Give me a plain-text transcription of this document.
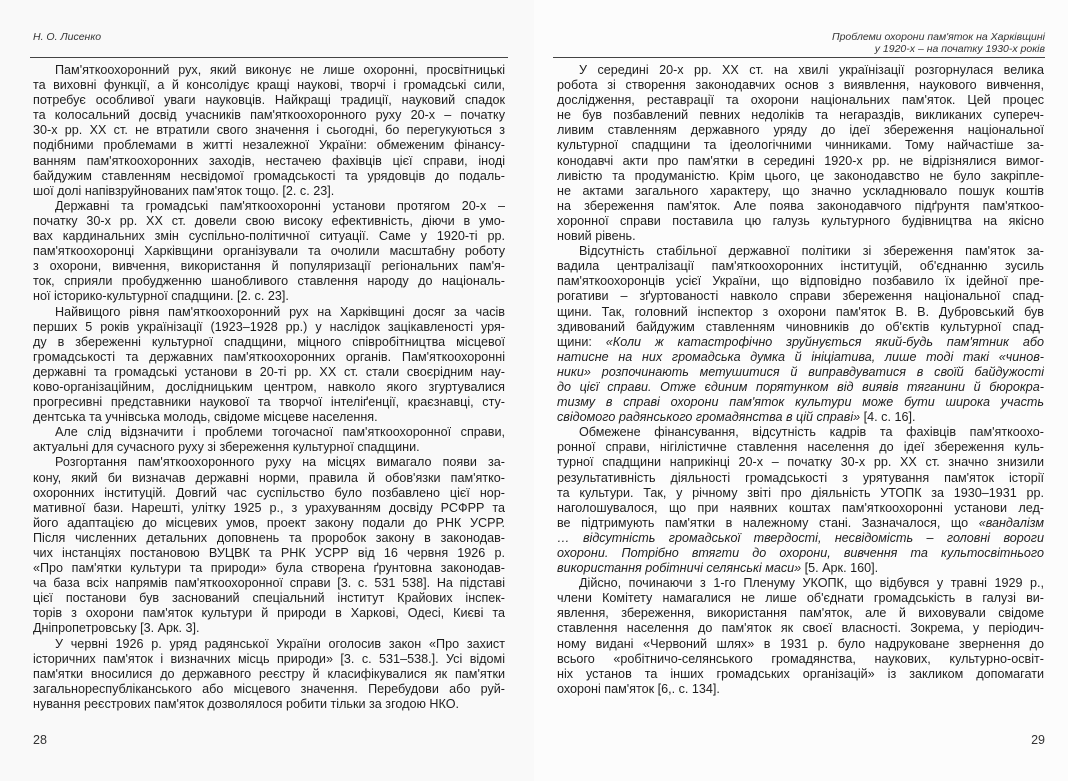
Н. О. Лисенко
Пам'яткоохоронний рух, який виконує не лише охоронні, просвітницькі
та виховні функції, а й консолідує кращі наукові, творчі і громадські сили,
потребує особливої уваги науковців. Найкращі традиції, науковий спадок
та колосальний досвід учасників пам'яткоохоронного руху 20-х – початку
30-х рр. ХХ ст. не втратили свого значення і сьогодні, бо перегукуються з
подібними проблемами в житті незалежної України: обмеженим фінансу-
ванням пам'яткоохоронних заходів, нестачею фахівців цієї справи, іноді
байдужим ставленням несвідомої громадськості та урядовців до подаль-
шої долі напівзруйнованих пам'яток тощо. [2. с. 23].
Державні та громадські пам'яткоохоронні установи протягом 20-х –
початку 30-х рр. ХХ ст. довели свою високу ефективність, діючи в умо-
вах кардинальних змін суспільно-політичної ситуації. Саме у 1920-ті рр.
пам'яткоохоронці Харківщини організували та очолили масштабну роботу
з охорони, вивчення, використання й популяризації регіональних пам'я-
ток, сприяли пробудженню шанобливого ставлення народу до національ-
ної історико-культурної спадщини. [2. с. 23].
Найвищого рівня пам'яткоохоронний рух на Харківщині досяг за часів
перших 5 років українізації (1923–1928 рр.) у наслідок зацікавленості уря-
ду в збереженні культурної спадщини, міцного співробітництва місцевої
громадськості та державних пам'яткоохоронних органів. Пам'яткоохоронні
державні та громадські установи в 20-ті рр. ХХ ст. стали своєрідним нау-
ково-організаційним, дослідницьким центром, навколо якого згуртувалися
прогресивні представники наукової та творчої інтеліґенції, краєзнавці, сту-
дентська та учнівська молодь, свідоме місцеве населення.
Але слід відзначити і проблеми тогочасної пам'яткоохоронної справи,
актуальні для сучасного руху зі збереження культурної спадщини.
Розгортання пам'яткоохоронного руху на місцях вимагало появи за-
кону, який би визначав державні норми, правила й обов'язки пам'ятко-
охоронних інституцій. Довгий час суспільство було позбавлено цієї нор-
мативної бази. Нарешті, улітку 1925 р., з урахуванням досвіду РСФРР та
його адаптацією до місцевих умов, проект закону подали до РНК УСРР.
Після численних детальних доповнень та проробок закону в законодав-
чих інстанціях постановою ВУЦВК та РНК УСРР від 16 червня 1926 р.
«Про пам'ятки культури та природи» була створена ґрунтовна законодав-
ча база всіх напрямів пам'яткоохоронної справи [3. с. 531 538]. На підставі
цієї постанови був заснований спеціальний інститут Крайових інспек-
торів з охорони пам'яток культури й природи в Харкові, Одесі, Києві та
Дніпропетровську [3. Арк. 3].
У червні 1926 р. уряд радянської України оголосив закон «Про захист
історичних пам'яток і визначних місць природи» [3. с. 531–538.]. Усі відомі
пам'ятки вносилися до державного реєстру й класифікувалися як пам'ятки
загальнореспубліканського або місцевого значення. Перебудови або руй-
нування реєстрових пам'яток дозволялося робити тільки за згодою НКО.
28
Проблеми охорони пам'яток на Харківщині
у 1920-х – на початку 1930-х років
У середині 20-х рр. ХХ ст. на хвилі українізації розгорнулася велика
робота зі створення законодавчих основ з виявлення, наукового вивчення,
дослідження, реставрації та охорони національних пам'яток. Цей процес
не був позбавлений певних недоліків та негараздів, викликаних супереч-
ливим ставленням державного уряду до ідеї збереження національної
культурної спадщини та ідеологічними чинниками. Тому найчастіше за-
конодавчі акти про пам'ятки в середині 1920-х рр. не відрізнялися вимог-
ливістю та продуманістю. Крім цього, це законодавство не було закріпле-
не актами загального характеру, що значно ускладнювало пошук коштів
на збереження пам'яток. Але поява законодавчого підґрунтя пам'яткоо-
хоронної справи поставила цю галузь культурного будівництва на якісно
новий рівень.
Відсутність стабільної державної політики зі збереження пам'яток за-
вадила централізації пам'яткоохоронних інституцій, об'єднанню зусиль
пам'яткоохоронців усієї України, що відповідно позбавило їх ідейної пре-
рогативи – зґуртованості навколо справи збереження національної спад-
щини. Так, головний інспектор з охорони пам'яток В. В. Дубровський був
здивований байдужим ставленням чиновників до об'єктів культурної спад-
щини: «Коли ж катастрофічно зруйнується який-будь пам'ятник або
натисне на них громадська думка й ініціатива, лише тоді такі «чинов-
ники» розпочинають метушитися й виправдуватися в своїй байдужості
до цієї справи. Отже єдиним порятунком від виявів тяганини й бюрокра-
тизму в справі охорони пам'яток культури може бути широка участь
свідомого радянського громадянства в цій справі» [4. с. 16].
Обмежене фінансування, відсутність кадрів та фахівців пам'яткоохо-
ронної справи, нігілістичне ставлення населення до ідеї збереження куль-
турної спадщини наприкінці 20-х – початку 30-х рр. ХХ ст. значно знизили
результативність діяльності громадськості з урятування пам'яток історії
та культури. Так, у річному звіті про діяльність УТОПК за 1930–1931 рр.
наголошувалося, що при наявних коштах пам'яткоохоронні установи лед-
ве підтримують пам'ятки в належному стані. Зазначалося, що «вандалізм
… відсутність громадської твердості, несвідомість – головні вороги
охорони. Потрібно втягти до охорони, вивчення та культосвітнього
використання робітничі селянські маси» [5. Арк. 160].
Дійсно, починаючи з 1-го Пленуму УКОПК, що відбувся у травні 1929 р.,
члени Комітету намагалися не лише об'єднати громадськість в галузі ви-
явлення, збереження, використання пам'яток, але й виховували свідоме
ставлення населення до пам'яток як своєї власності. Зокрема, у періодич-
ному видані «Червоний шлях» в 1931 р. було надруковане звернення до
всього «робітничо-селянського громадянства, наукових, культурно-освіт-
ніх установ та інших громадських організацій» із закликом допомагати
охороні пам'яток [6,. с. 134].
29
